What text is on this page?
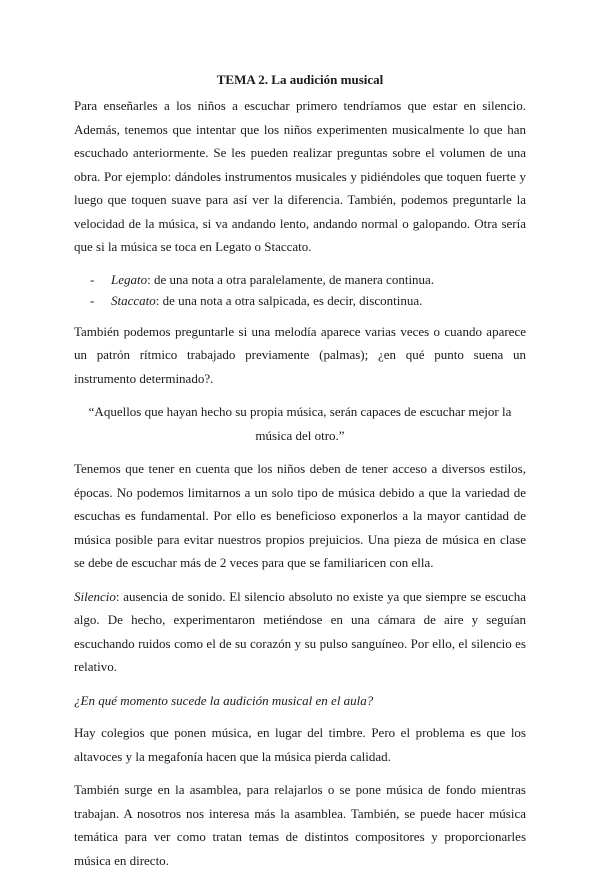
TEMA 2. La audición musical

Para enseñarles a los niños a escuchar primero tendríamos que estar en silencio. Además, tenemos que intentar que los niños experimenten musicalmente lo que han escuchado anteriormente. Se les pueden realizar preguntas sobre el volumen de una obra. Por ejemplo: dándoles instrumentos musicales y pidiéndoles que toquen fuerte y luego que toquen suave para así ver la diferencia. También, podemos preguntarle la velocidad de la música, si va andando lento, andando normal o galopando. Otra sería que si la música se toca en Legato o Staccato.

- Legato: de una nota a otra paralelamente, de manera continua.
- Staccato: de una nota a otra salpicada, es decir, discontinua.

También podemos preguntarle si una melodía aparece varias veces o cuando aparece un patrón rítmico trabajado previamente (palmas); ¿en qué punto suena un instrumento determinado?.

“Aquellos que hayan hecho su propia música, serán capaces de escuchar mejor la música del otro.”

Tenemos que tener en cuenta que los niños deben de tener acceso a diversos estilos, épocas. No podemos limitarnos a un solo tipo de música debido a que la variedad de escuchas es fundamental. Por ello es beneficioso exponerlos a la mayor cantidad de música posible para evitar nuestros propios prejuicios. Una pieza de música en clase se debe de escuchar más de 2 veces para que se familiaricen con ella.

Silencio: ausencia de sonido. El silencio absoluto no existe ya que siempre se escucha algo. De hecho, experimentaron metiéndose en una cámara de aire y seguían escuchando ruidos como el de su corazón y su pulso sanguíneo. Por ello, el silencio es relativo.

¿En qué momento sucede la audición musical en el aula?

Hay colegios que ponen música, en lugar del timbre. Pero el problema es que los altavoces y la megafonía hacen que la música pierda calidad.

También surge en la asamblea, para relajarlos o se pone música de fondo mientras trabajan. A nosotros nos interesa más la asamblea. También, se puede hacer música temática para ver como tratan temas de distintos compositores y proporcionarles música en directo.
